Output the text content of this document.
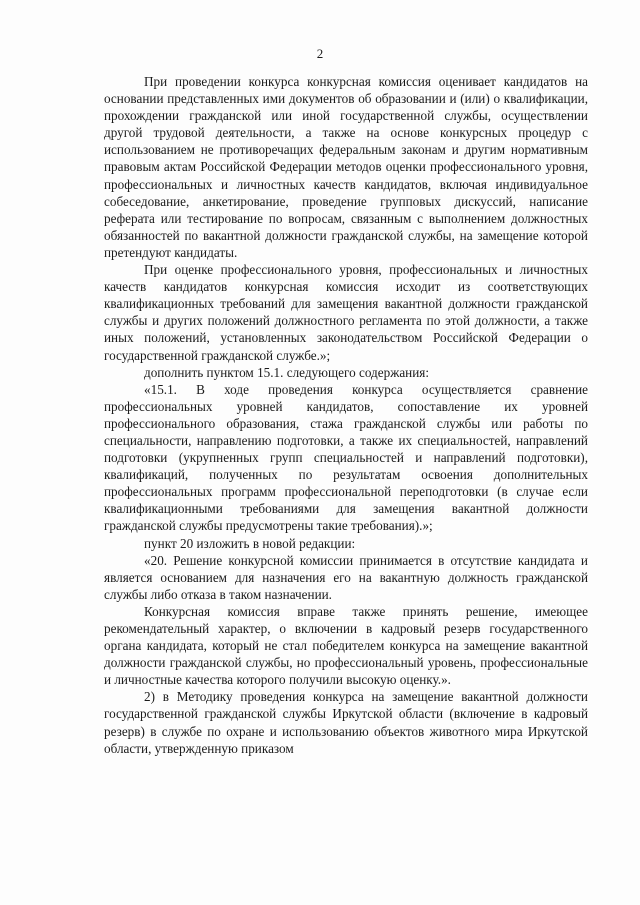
2

При проведении конкурса конкурсная комиссия оценивает кандидатов на основании представленных ими документов об образовании и (или) о квалификации, прохождении гражданской или иной государственной службы, осуществлении другой трудовой деятельности, а также на основе конкурсных процедур с использованием не противоречащих федеральным законам и другим нормативным правовым актам Российской Федерации методов оценки профессионального уровня, профессиональных и личностных качеств кандидатов, включая индивидуальное собеседование, анкетирование, проведение групповых дискуссий, написание реферата или тестирование по вопросам, связанным с выполнением должностных обязанностей по вакантной должности гражданской службы, на замещение которой претендуют кандидаты.

При оценке профессионального уровня, профессиональных и личностных качеств кандидатов конкурсная комиссия исходит из соответствующих квалификационных требований для замещения вакантной должности гражданской службы и других положений должностного регламента по этой должности, а также иных положений, установленных законодательством Российской Федерации о государственной гражданской службе.»;

дополнить пунктом 15.1. следующего содержания:

«15.1. В ходе проведения конкурса осуществляется сравнение профессиональных уровней кандидатов, сопоставление их уровней профессионального образования, стажа гражданской службы или работы по специальности, направлению подготовки, а также их специальностей, направлений подготовки (укрупненных групп специальностей и направлений подготовки), квалификаций, полученных по результатам освоения дополнительных профессиональных программ профессиональной переподготовки (в случае если квалификационными требованиями для замещения вакантной должности гражданской службы предусмотрены такие требования).»;

пункт 20 изложить в новой редакции:

«20. Решение конкурсной комиссии принимается в отсутствие кандидата и является основанием для назначения его на вакантную должность гражданской службы либо отказа в таком назначении.

Конкурсная комиссия вправе также принять решение, имеющее рекомендательный характер, о включении в кадровый резерв государственного органа кандидата, который не стал победителем конкурса на замещение вакантной должности гражданской службы, но профессиональный уровень, профессиональные и личностные качества которого получили высокую оценку.».

2) в Методику проведения конкурса на замещение вакантной должности государственной гражданской службы Иркутской области (включение в кадровый резерв) в службе по охране и использованию объектов животного мира Иркутской области, утвержденную приказом
